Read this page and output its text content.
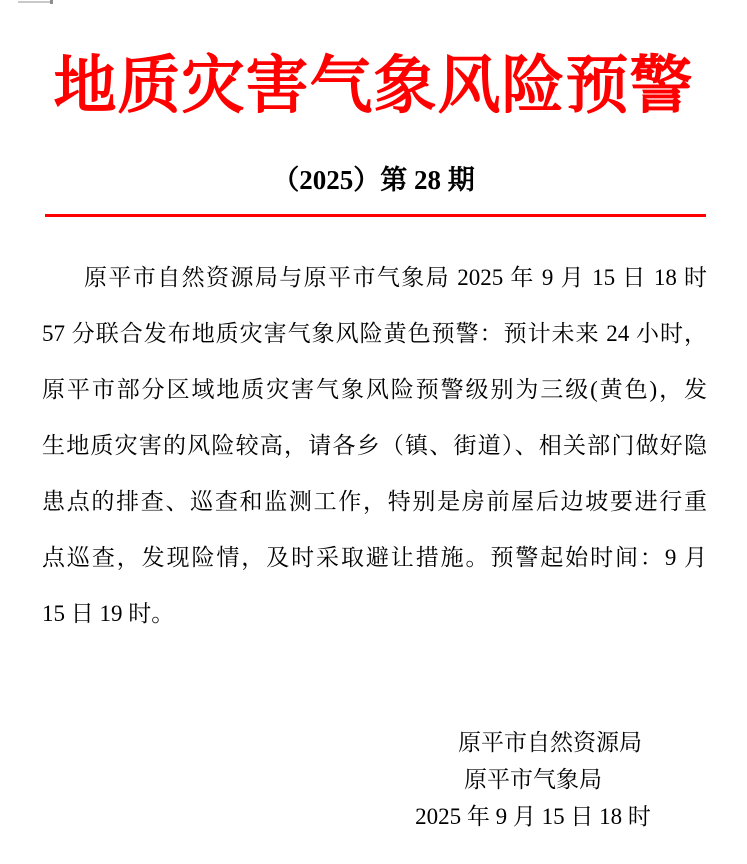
地质灾害气象风险预警
（2025）第 28 期

原平市自然资源局与原平市气象局 2025 年 9 月 15 日 18 时

57 分联合发布地质灾害气象风险黄色预警：预计未来 24 小时，

原平市部分区域地质灾害气象风险预警级别为三级(黄色)，发

生地质灾害的风险较高，请各乡（镇、街道）、相关部门做好隐

患点的排查、巡查和监测工作，特别是房前屋后边坡要进行重

点巡查，发现险情，及时采取避让措施。预警起始时间：9 月

15 日 19 时。

原平市自然资源局

原平市气象局

2025 年 9 月 15 日 18 时
